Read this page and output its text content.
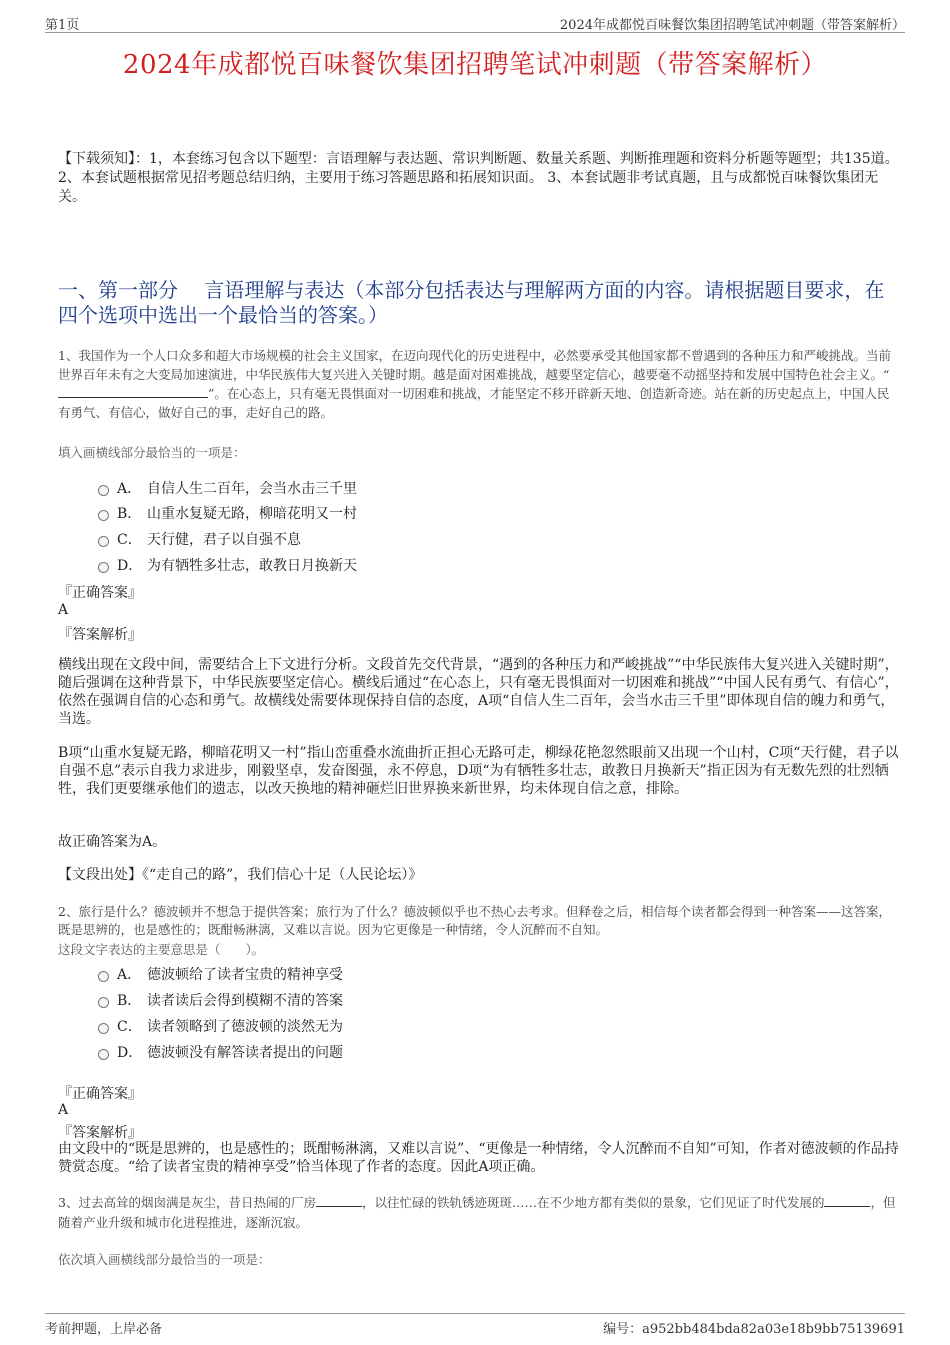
第1页	2024年成都悦百味餐饮集团招聘笔试冲刺题（带答案解析）
2024年成都悦百味餐饮集团招聘笔试冲刺题（带答案解析）
【下载须知】：1，本套练习包含以下题型：言语理解与表达题、常识判断题、数量关系题、判断推理题和资料分析题等题型；共135道。 2、本套试题根据常见招考题总结归纳，主要用于练习答题思路和拓展知识面。 3、本套试题非考试真题，且与成都悦百味餐饮集团无关。
一、第一部分　 言语理解与表达（本部分包括表达与理解两方面的内容。请根据题目要求，在四个选项中选出一个最恰当的答案。）
1、我国作为一个人口众多和超大市场规模的社会主义国家，在迈向现代化的历史进程中，必然要承受其他国家都不曾遇到的各种压力和严峻挑战。当前世界百年未有之大变局加速演进，中华民族伟大复兴进入关键时期。越是面对困难挑战，越要坚定信心，越要毫不动摇坚持和发展中国特色社会主义。“”。在心态上，只有毫无畏惧面对一切困难和挑战，才能坚定不移开辟新天地、创造新奇迹。站在新的历史起点上，中国人民有勇气、有信心，做好自己的事，走好自己的路。
填入画横线部分最恰当的一项是：
A． 自信人生二百年，会当水击三千里
B． 山重水复疑无路，柳暗花明又一村
C． 天行健，君子以自强不息
D． 为有牺牲多壮志，敢教日月换新天
『正确答案』
A
『答案解析』
横线出现在文段中间，需要结合上下文进行分析。文段首先交代背景，“遇到的各种压力和严峻挑战”“中华民族伟大复兴进入关键时期”，随后强调在这种背景下，中华民族要坚定信心。横线后通过“在心态上，只有毫无畏惧面对一切困难和挑战”“中国人民有勇气、有信心”，依然在强调自信的心态和勇气。故横线处需要体现保持自信的态度，A项“自信人生二百年，会当水击三千里”即体现自信的魄力和勇气，当选。
B项“山重水复疑无路，柳暗花明又一村”指山峦重叠水流曲折正担心无路可走，柳绿花艳忽然眼前又出现一个山村，C项“天行健，君子以自强不息”表示自我力求进步，刚毅坚卓，发奋图强，永不停息，D项“为有牺牲多壮志，敢教日月换新天”指正因为有无数先烈的壮烈牺牲，我们更要继承他们的遗志，以改天换地的精神砸烂旧世界换来新世界，均未体现自信之意，排除。
故正确答案为A。
【文段出处】《“走自己的路”，我们信心十足（人民论坛）》
2、旅行是什么？德波顿并不想急于提供答案；旅行为了什么？德波顿似乎也不热心去考求。但释卷之后，相信每个读者都会得到一种答案——这答案，既是思辨的，也是感性的；既酣畅淋漓，又难以言说。因为它更像是一种情绪，令人沉醉而不自知。
这段文字表达的主要意思是（　　）。
A． 德波顿给了读者宝贵的精神享受
B． 读者读后会得到模糊不清的答案
C． 读者领略到了德波顿的淡然无为
D． 德波顿没有解答读者提出的问题
『正确答案』
A
『答案解析』
由文段中的“既是思辨的，也是感性的；既酣畅淋漓，又难以言说”、“更像是一种情绪，令人沉醉而不自知”可知，作者对德波顿的作品持赞赏态度。“给了读者宝贵的精神享受”恰当体现了作者的态度。因此A项正确。
3、过去高耸的烟囱满是灰尘，昔日热闹的厂房	，以往忙碌的铁轨锈迹斑斑……在不少地方都有类似的景象，它们见证了时代发展的	，但随着产业升级和城市化进程推进，逐渐沉寂。
依次填入画横线部分最恰当的一项是：
考前押题，上岸必备	编号：a952bb484bda82a03e18b9bb75139691
